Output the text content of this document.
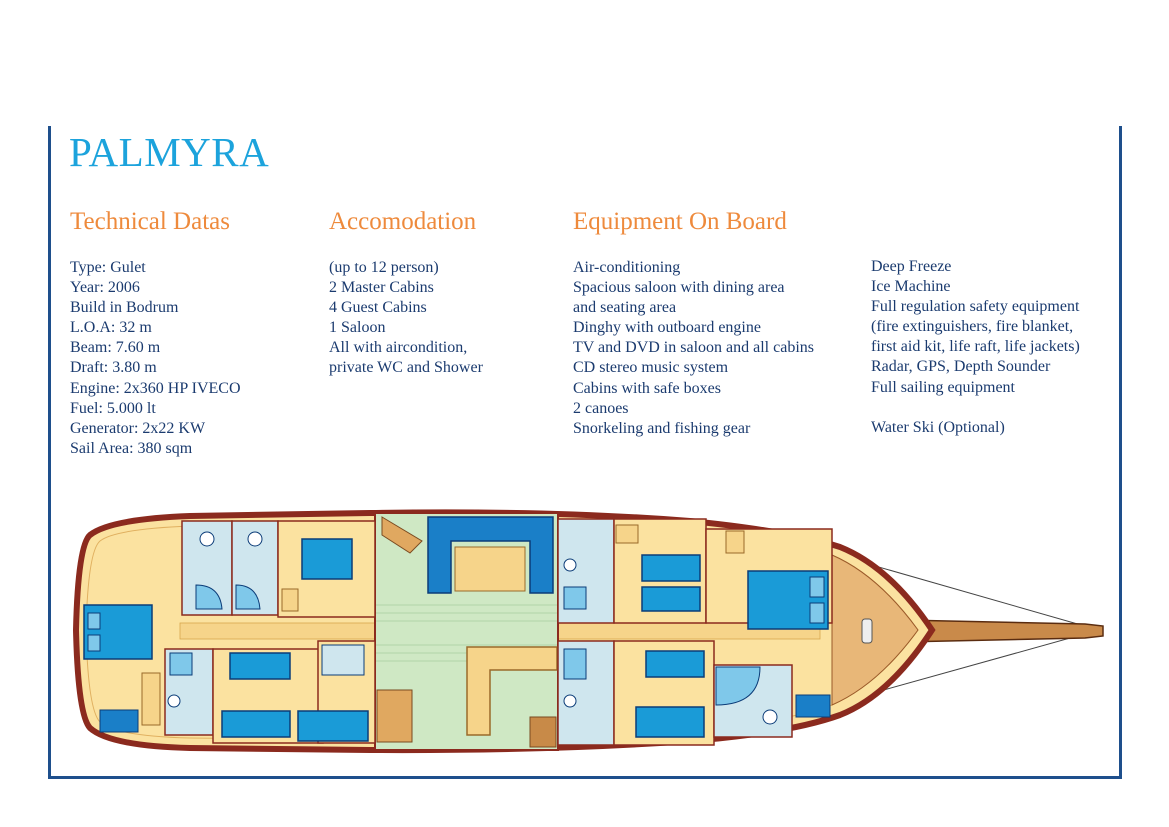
PALMYRA
Technical Datas
Type: Gulet
Year: 2006
Build in Bodrum
L.O.A: 32 m
Beam: 7.60 m
Draft: 3.80 m
Engine: 2x360 HP IVECO
Fuel: 5.000 lt
Generator: 2x22 KW
Sail Area: 380 sqm
Accomodation
(up to 12 person)
2 Master Cabins
4 Guest Cabins
1 Saloon
All with aircondition,
private WC and Shower
Equipment On Board
Air-conditioning
Spacious saloon with dining area
and seating area
Dinghy with outboard engine
TV and DVD in saloon and all cabins
CD stereo music system
Cabins with safe boxes
2 canoes
Snorkeling and fishing gear
Deep Freeze
Ice Machine
Full regulation safety equipment
(fire extinguishers, fire blanket,
first aid kit, life raft, life jackets)
Radar, GPS, Depth Sounder
Full sailing equipment
Water Ski (Optional)
